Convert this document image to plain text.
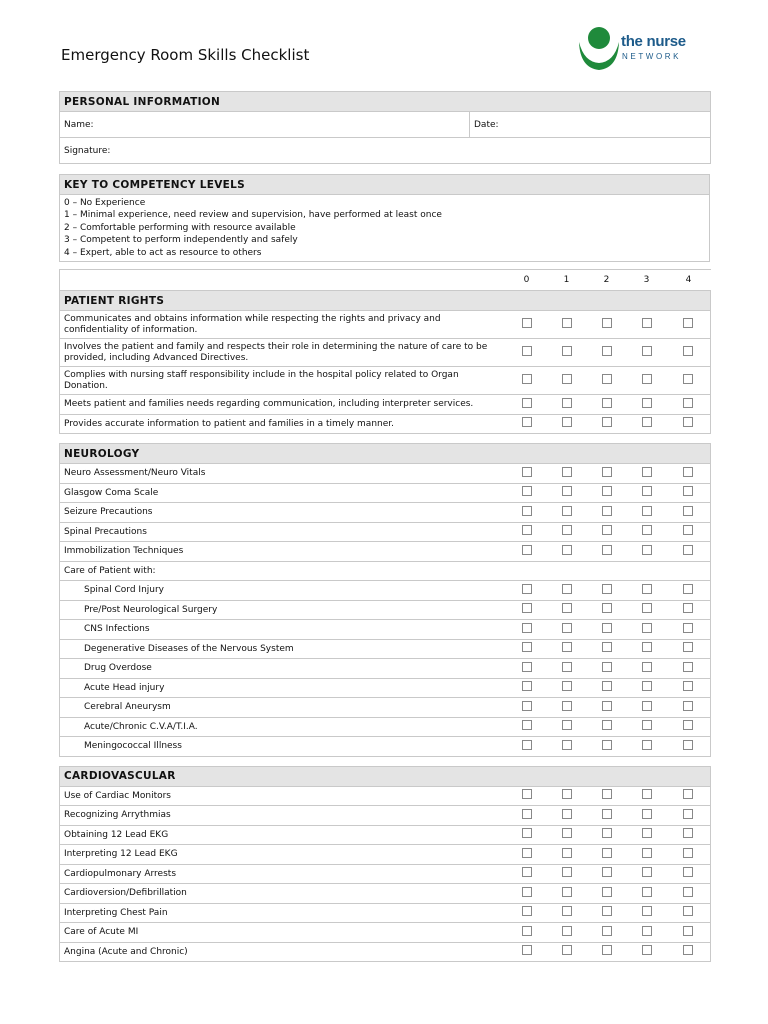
Emergency Room Skills Checklist
the nurse
NETWORK
PERSONAL INFORMATION
Name:	Date:
Signature:
KEY TO COMPETENCY LEVELS

0 – No Experience
1 – Minimal experience, need review and supervision, have performed at least once
2 – Comfortable performing with resource available
3 – Competent to perform independently and safely
4 – Expert, able to act as resource to others
	0	1	2	3	4
PATIENT RIGHTS					
Communicates and obtains information while respecting the rights and privacy and confidentiality of information.					
Involves the patient and family and respects their role in determining the nature of care to be provided, including Advanced Directives.					
Complies with nursing staff responsibility include in the hospital policy related to Organ Donation.					
Meets patient and families needs regarding communication, including interpreter services.					
Provides accurate information to patient and families in a timely manner.					

NEUROLOGY					
Neuro Assessment/Neuro Vitals					
Glasgow Coma Scale					
Seizure Precautions					
Spinal Precautions					
Immobilization Techniques					
Care of Patient with:					
Spinal Cord Injury					
Pre/Post Neurological Surgery					
CNS Infections					
Degenerative Diseases of the Nervous System					
Drug Overdose					
Acute Head injury					
Cerebral Aneurysm					
Acute/Chronic C.V.A/T.I.A.					
Meningococcal Illness					

CARDIOVASCULAR					
Use of Cardiac Monitors					
Recognizing Arrythmias					
Obtaining 12 Lead EKG					
Interpreting 12 Lead EKG					
Cardiopulmonary Arrests					
Cardioversion/Defibrillation					
Interpreting Chest Pain					
Care of Acute MI					
Angina (Acute and Chronic)					
